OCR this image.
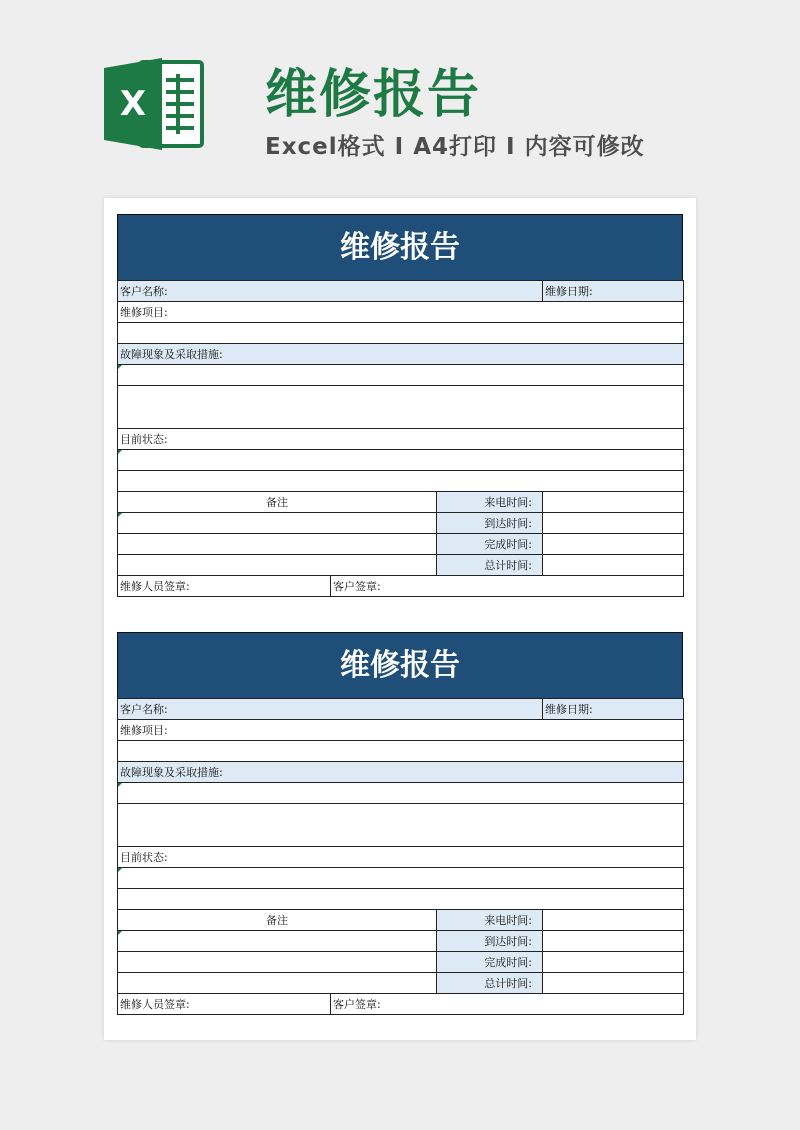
X 维修报告
Excel格式 I A4打印 I 内容可修改
维修报告
客户名称:			维修日期:
维修项目:			

故障现象及采取措施:			

目前状态:			

备注		来电时间:	
		到达时间:	
		完成时间:	
		总计时间:	
维修人员签章:	客户签章:		
维修报告
客户名称:			维修日期:
维修项目:			

故障现象及采取措施:			

目前状态:			

备注		来电时间:	
		到达时间:	
		完成时间:	
		总计时间:	
维修人员签章:	客户签章:		
